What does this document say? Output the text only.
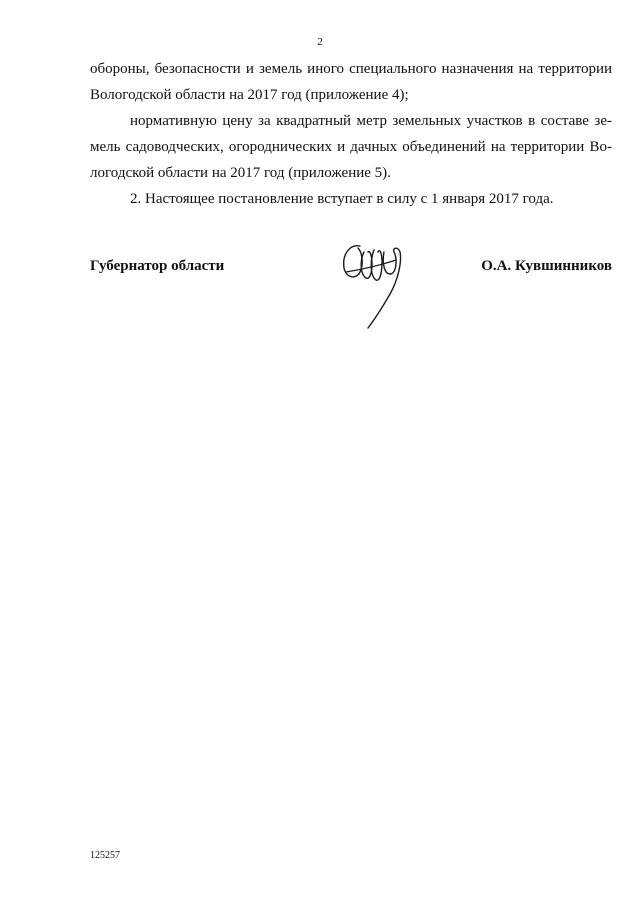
2

обороны, безопасности и земель иного специального назначения на территории
Вологодской области на 2017 год (приложение 4);

нормативную цену за квадратный метр земельных участков в составе зе-
мель садоводческих, огороднических и дачных объединений на территории Во-
логодской области на 2017 год (приложение 5).

2. Настоящее постановление вступает в силу с 1 января 2017 года.

Губернатор области	О.А. Кувшинников
125257
